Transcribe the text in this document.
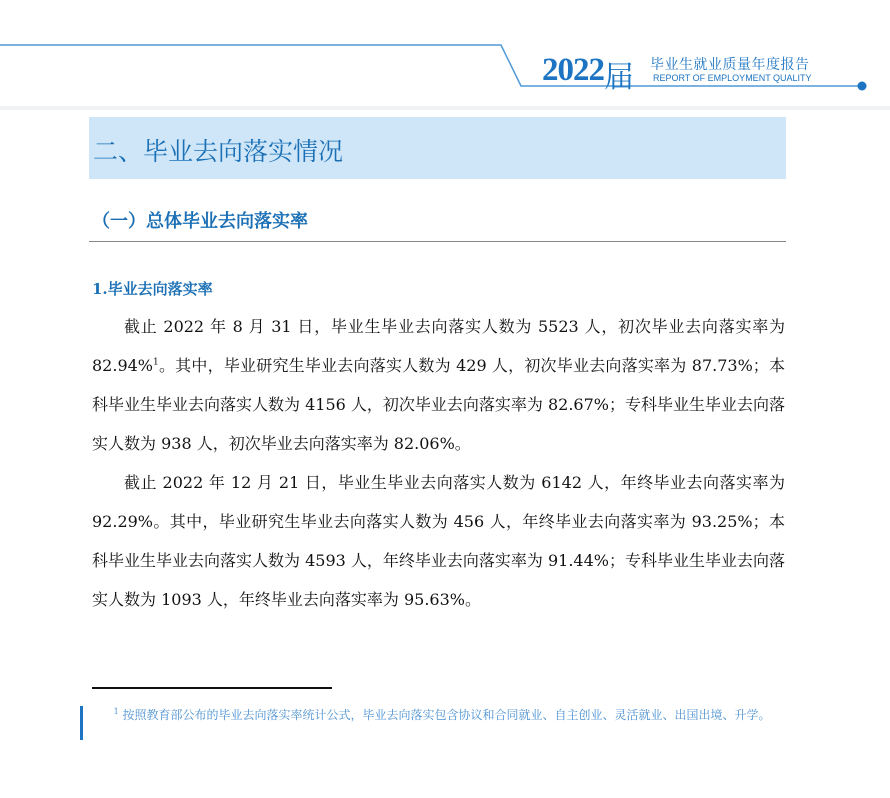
2022 届 毕业生就业质量年度报告
REPORT OF EMPLOYMENT QUALITY
二、毕业去向落实情况
（一）总体毕业去向落实率
1.毕业去向落实率

截止 2022 年 8 月 31 日，毕业生毕业去向落实人数为 5523 人，初次毕业去向落实率为 82.94%$^1$。其中，毕业研究生毕业去向落实人数为 429 人，初次毕业去向落实率为 87.73%；本科毕业生毕业去向落实人数为 4156 人，初次毕业去向落实率为 82.67%；专科毕业生毕业去向落实人数为 938 人，初次毕业去向落实率为 82.06%。

截止 2022 年 12 月 21 日，毕业生毕业去向落实人数为 6142 人，年终毕业去向落实率为 92.29%。其中，毕业研究生毕业去向落实人数为 456 人，年终毕业去向落实率为 93.25%；本科毕业生毕业去向落实人数为 4593 人，年终毕业去向落实率为 91.44%；专科毕业生毕业去向落实人数为 1093 人，年终毕业去向落实率为 95.63%。

$^1$ 按照教育部公布的毕业去向落实率统计公式，毕业去向落实包含协议和合同就业、自主创业、灵活就业、出国出境、升学。
